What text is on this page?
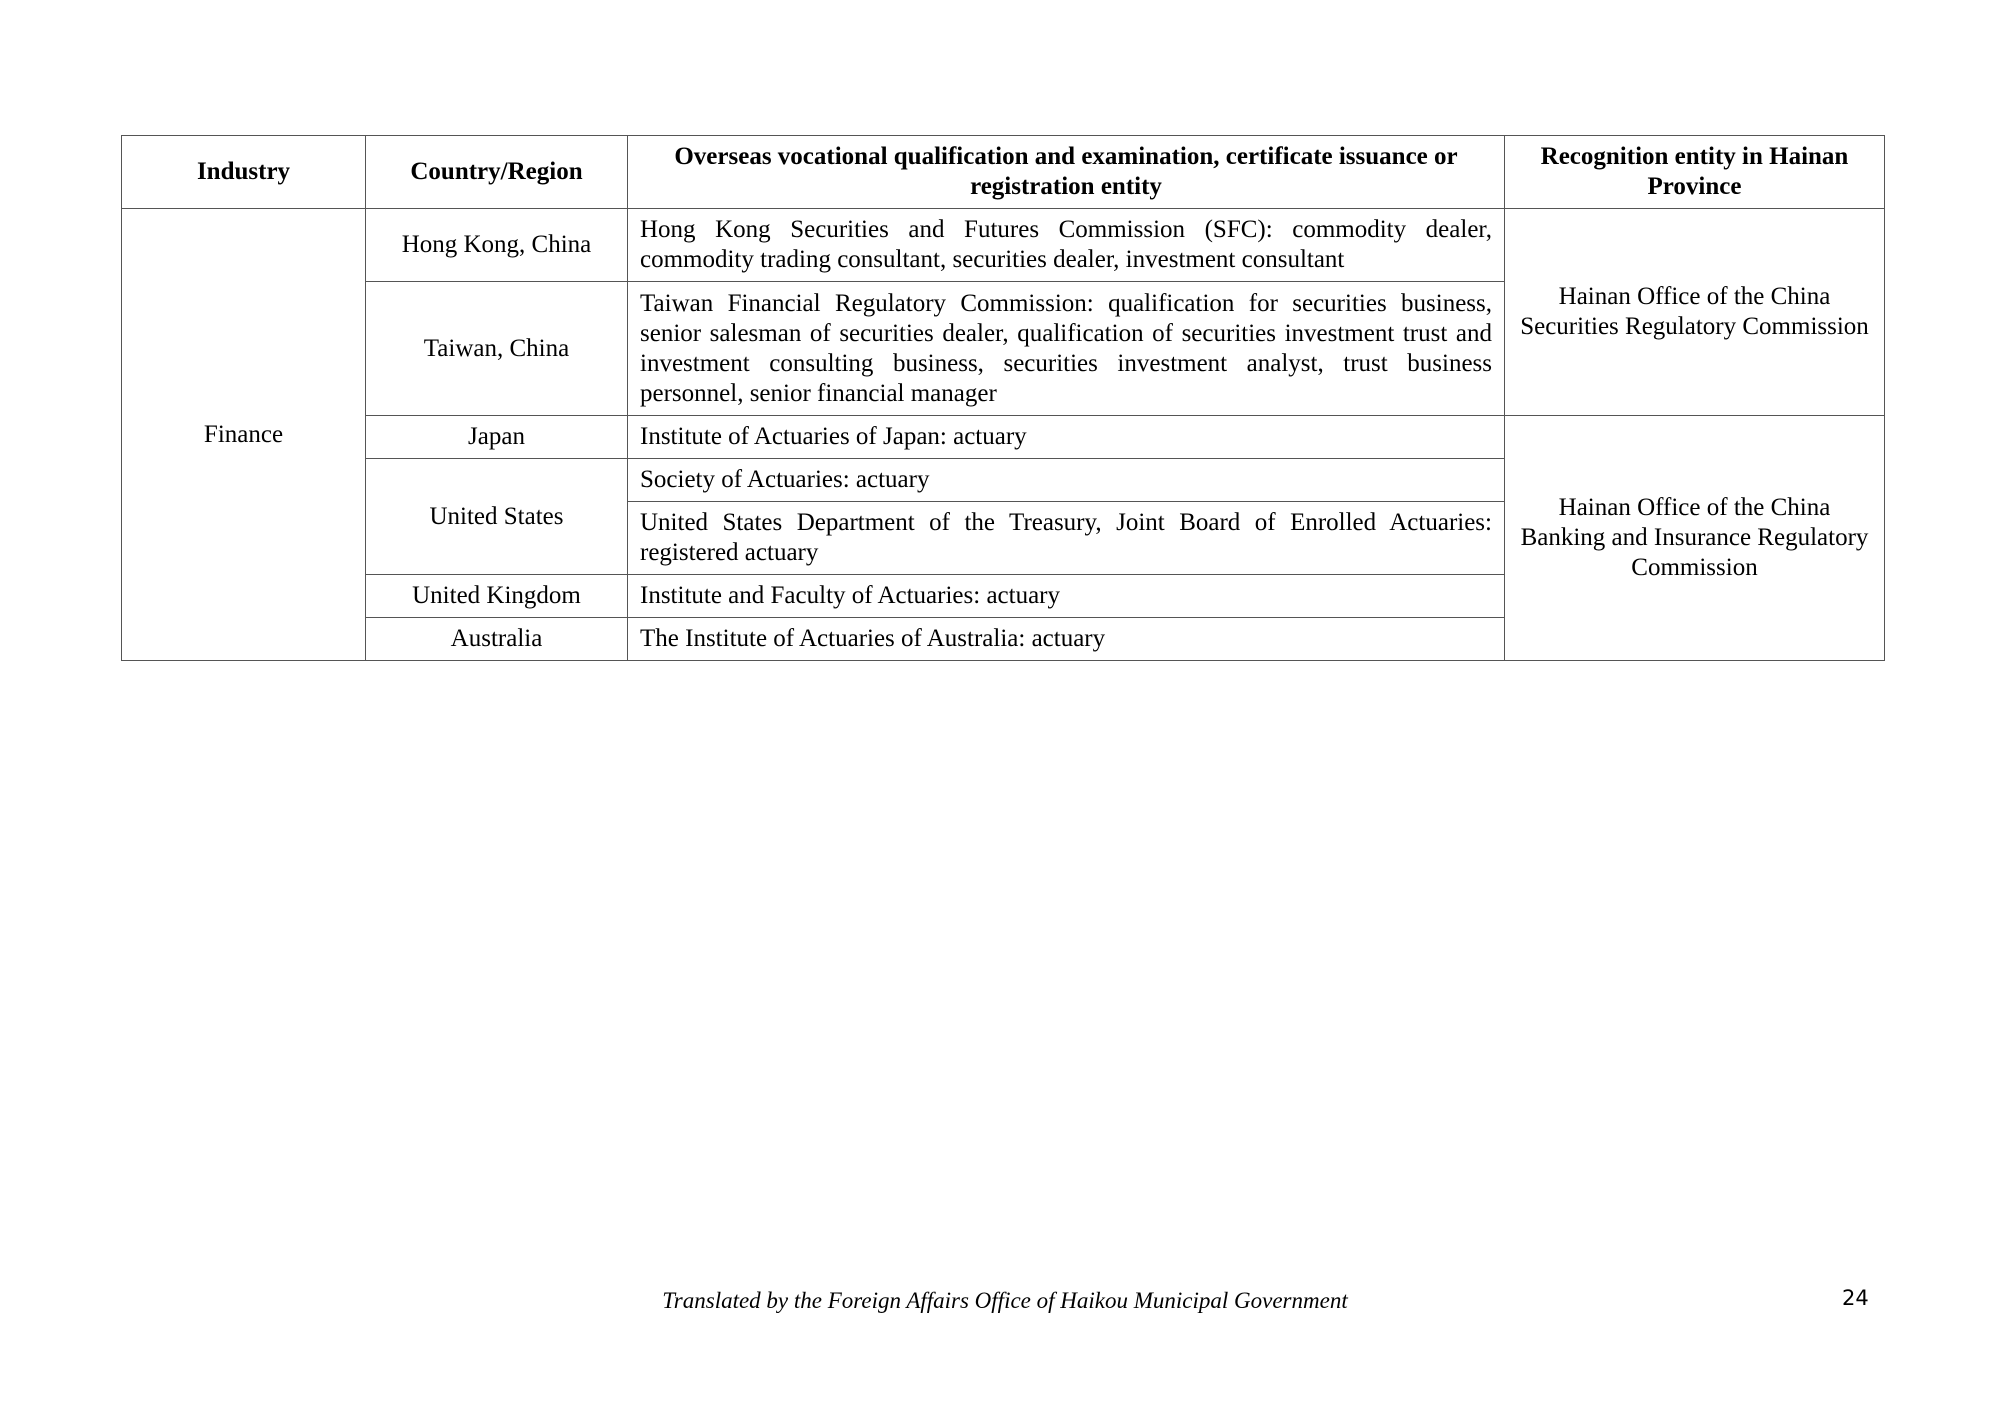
Industry	Country/Region	Overseas vocational qualification and examination, certificate issuance or registration entity	Recognition entity in Hainan Province
Finance	Hong Kong, China	Hong Kong Securities and Futures Commission (SFC): commodity dealer, commodity trading consultant, securities dealer, investment consultant	Hainan Office of the China Securities Regulatory Commission
	Taiwan, China	Taiwan Financial Regulatory Commission: qualification for securities business, senior salesman of securities dealer, qualification of securities investment trust and investment consulting business, securities investment analyst, trust business personnel, senior financial manager	
	Japan	Institute of Actuaries of Japan: actuary	Hainan Office of the China Banking and Insurance Regulatory Commission
	United States	Society of Actuaries: actuary	
		United States Department of the Treasury, Joint Board of Enrolled Actuaries: registered actuary	
	United Kingdom	Institute and Faculty of Actuaries: actuary	
	Australia	The Institute of Actuaries of Australia: actuary	
Translated by the Foreign Affairs Office of Haikou Municipal Government	24
